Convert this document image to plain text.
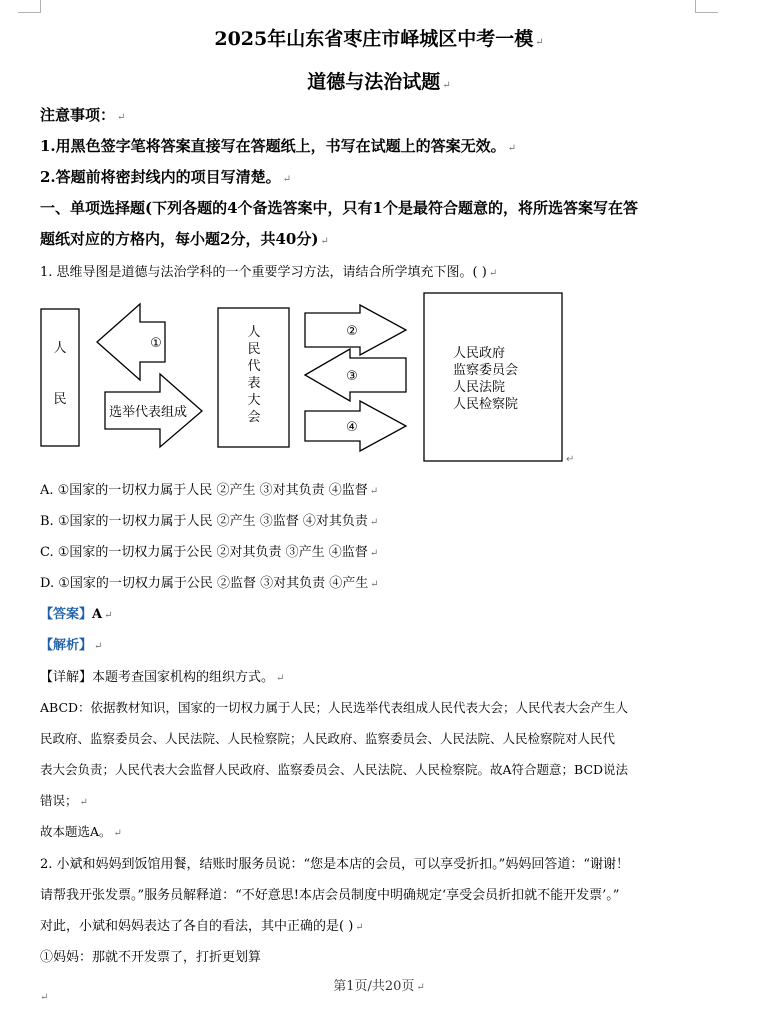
2025年山东省枣庄市峄城区中考一模 ↵
道德与法治试题 ↵
注意事项： ↵
1.用黑色签字笔将答案直接写在答题纸上，书写在试题上的答案无效。 ↵
2.答题前将密封线内的项目写清楚。 ↵
一、单项选择题(下列各题的4个备选答案中，只有1个是最符合题意的，将所选答案写在答
题纸对应的方格内，每小题2分，共40分) ↵
1. 思维导图是道德与法治学科的一个重要学习方法，请结合所学填充下图。( ) ↵
人
民
①
选举代表组成
人
民
代
表
大
会
②
③
④
人民政府
监察委员会
人民法院
人民检察院
↵
A. ①国家的一切权力属于人民 ②产生 ③对其负责 ④监督 ↵
B. ①国家的一切权力属于人民 ②产生 ③监督 ④对其负责 ↵
C. ①国家的一切权力属于公民 ②对其负责 ③产生 ④监督 ↵
D. ①国家的一切权力属于公民 ②监督 ③对其负责 ④产生 ↵
【答案】A ↵
【解析】 ↵
【详解】本题考查国家机构的组织方式。 ↵
ABCD：依据教材知识，国家的一切权力属于人民；人民选举代表组成人民代表大会；人民代表大会产生人
民政府、监察委员会、人民法院、人民检察院；人民政府、监察委员会、人民法院、人民检察院对人民代
表大会负责；人民代表大会监督人民政府、监察委员会、人民法院、人民检察院。故A符合题意；BCD说法
错误； ↵
故本题选A。 ↵
2. 小斌和妈妈到饭馆用餐，结账时服务员说：“您是本店的会员，可以享受折扣。”妈妈回答道：“谢谢！
请帮我开张发票。”服务员解释道：“不好意思!本店会员制度中明确规定‘享受会员折扣就不能开发票’。”
对此，小斌和妈妈表达了各自的看法，其中正确的是( ) ↵
①妈妈：那就不开发票了，打折更划算
第1页/共20页 ↵
↵
